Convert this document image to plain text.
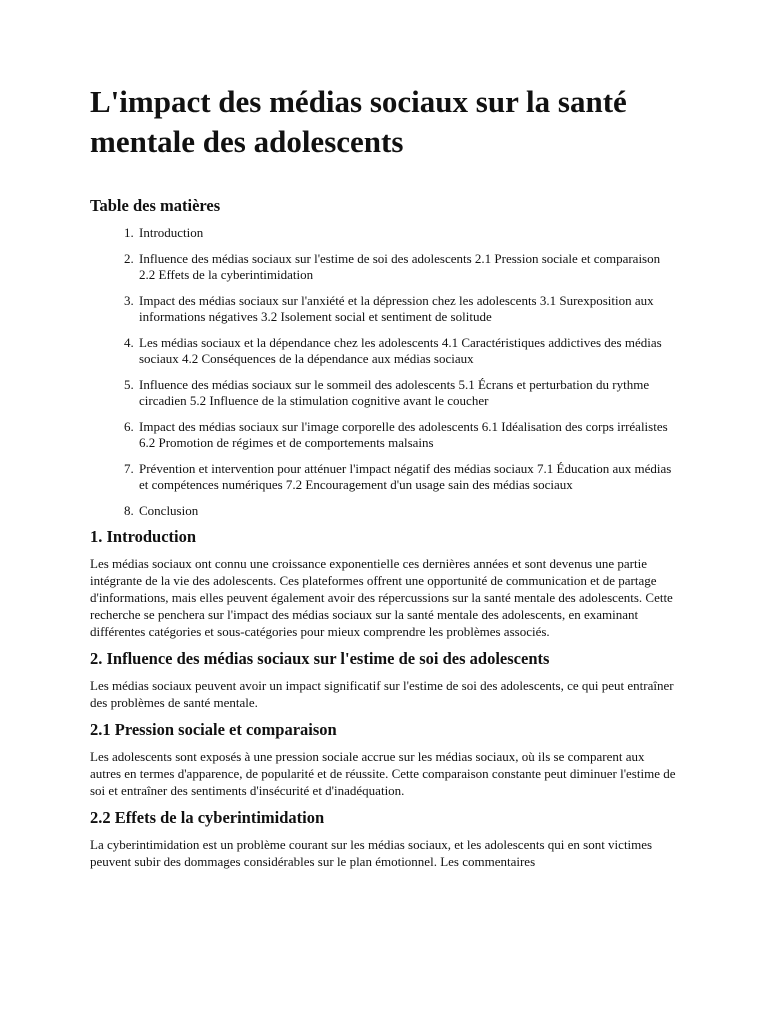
L'impact des médias sociaux sur la santé mentale des adolescents
Table des matières
1. Introduction
2. Influence des médias sociaux sur l'estime de soi des adolescents 2.1 Pression sociale et comparaison 2.2 Effets de la cyberintimidation
3. Impact des médias sociaux sur l'anxiété et la dépression chez les adolescents 3.1 Surexposition aux informations négatives 3.2 Isolement social et sentiment de solitude
4. Les médias sociaux et la dépendance chez les adolescents 4.1 Caractéristiques addictives des médias sociaux 4.2 Conséquences de la dépendance aux médias sociaux
5. Influence des médias sociaux sur le sommeil des adolescents 5.1 Écrans et perturbation du rythme circadien 5.2 Influence de la stimulation cognitive avant le coucher
6. Impact des médias sociaux sur l'image corporelle des adolescents 6.1 Idéalisation des corps irréalistes 6.2 Promotion de régimes et de comportements malsains
7. Prévention et intervention pour atténuer l'impact négatif des médias sociaux 7.1 Éducation aux médias et compétences numériques 7.2 Encouragement d'un usage sain des médias sociaux
8. Conclusion
1. Introduction

Les médias sociaux ont connu une croissance exponentielle ces dernières années et sont devenus une partie intégrante de la vie des adolescents. Ces plateformes offrent une opportunité de communication et de partage d'informations, mais elles peuvent également avoir des répercussions sur la santé mentale des adolescents. Cette recherche se penchera sur l'impact des médias sociaux sur la santé mentale des adolescents, en examinant différentes catégories et sous-catégories pour mieux comprendre les problèmes associés.

2. Influence des médias sociaux sur l'estime de soi des adolescents

Les médias sociaux peuvent avoir un impact significatif sur l'estime de soi des adolescents, ce qui peut entraîner des problèmes de santé mentale.

2.1 Pression sociale et comparaison

Les adolescents sont exposés à une pression sociale accrue sur les médias sociaux, où ils se comparent aux autres en termes d'apparence, de popularité et de réussite. Cette comparaison constante peut diminuer l'estime de soi et entraîner des sentiments d'insécurité et d'inadéquation.

2.2 Effets de la cyberintimidation

La cyberintimidation est un problème courant sur les médias sociaux, et les adolescents qui en sont victimes peuvent subir des dommages considérables sur le plan émotionnel. Les commentaires
